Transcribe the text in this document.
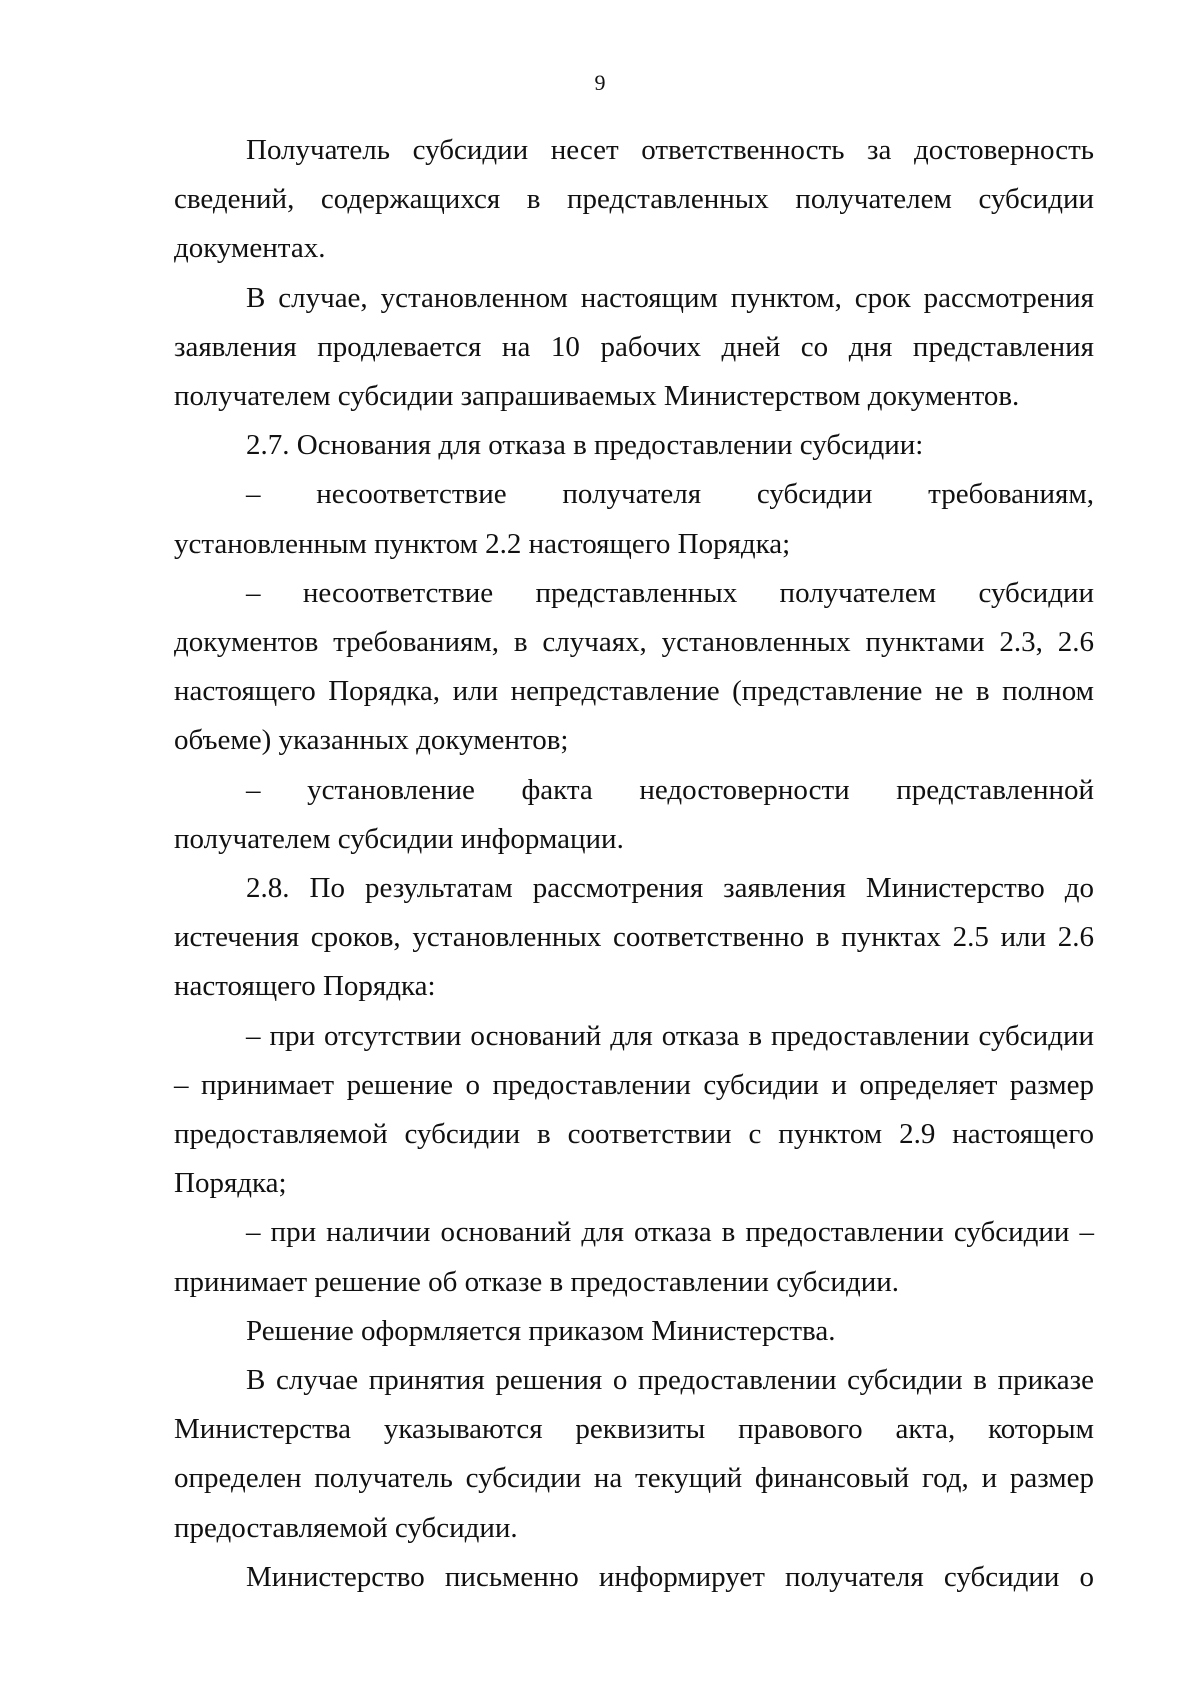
9

Получатель субсидии несет ответственность за достоверность сведений, содержащихся в представленных получателем субсидии документах.

В случае, установленном настоящим пунктом, срок рассмотрения заявления продлевается на 10 рабочих дней со дня представления получателем субсидии запрашиваемых Министерством документов.

2.7. Основания для отказа в предоставлении субсидии:

– несоответствие получателя субсидии требованиям, установленным пунктом 2.2 настоящего Порядка;

– несоответствие представленных получателем субсидии документов требованиям, в случаях, установленных пунктами 2.3, 2.6 настоящего Порядка, или непредставление (представление не в полном объеме) указанных документов;

– установление факта недостоверности представленной получателем субсидии информации.

2.8. По результатам рассмотрения заявления Министерство до истечения сроков, установленных соответственно в пунктах 2.5 или 2.6 настоящего Порядка:

– при отсутствии оснований для отказа в предоставлении субсидии – принимает решение о предоставлении субсидии и определяет размер предоставляемой субсидии в соответствии с пунктом 2.9 настоящего Порядка;

– при наличии оснований для отказа в предоставлении субсидии – принимает решение об отказе в предоставлении субсидии.

Решение оформляется приказом Министерства.

В случае принятия решения о предоставлении субсидии в приказе Министерства указываются реквизиты правового акта, которым определен получатель субсидии на текущий финансовый год, и размер предоставляемой субсидии.

Министерство письменно информирует получателя субсидии о
